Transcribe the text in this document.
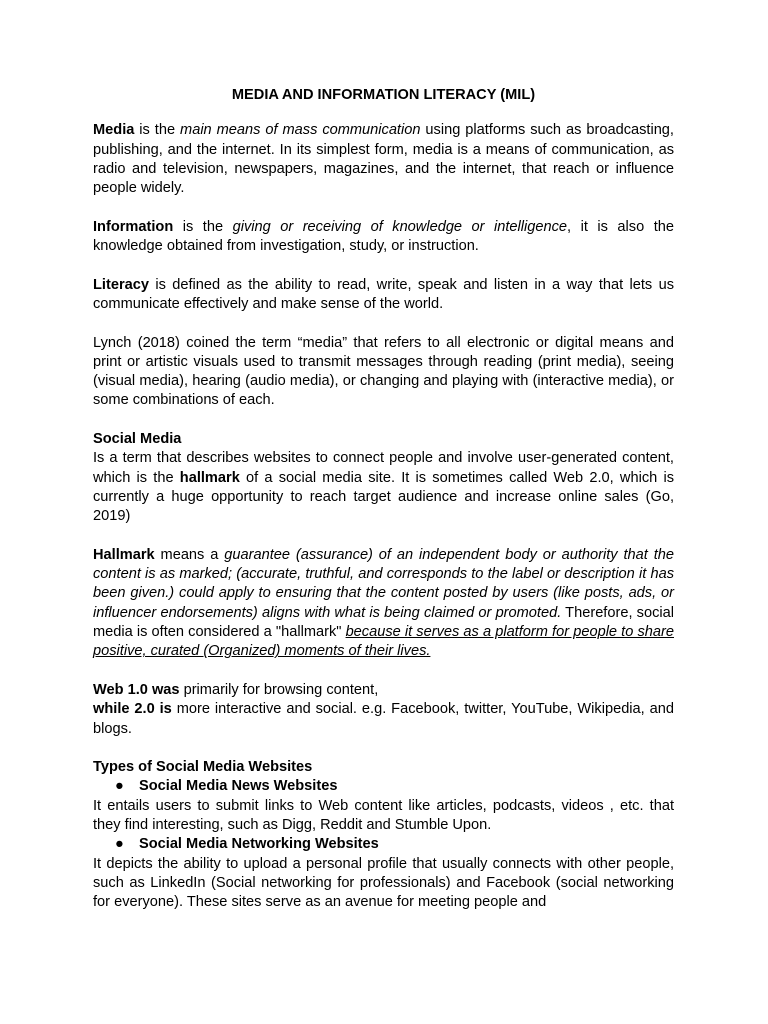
MEDIA AND INFORMATION LITERACY (MIL)

Media is the main means of mass communication using platforms such as broadcasting, publishing, and the internet. In its simplest form, media is a means of communication, as radio and television, newspapers, magazines, and the internet, that reach or influence people widely.

Information is the giving or receiving of knowledge or intelligence, it is also the knowledge obtained from investigation, study, or instruction.

Literacy is defined as the ability to read, write, speak and listen in a way that lets us communicate effectively and make sense of the world.

Lynch (2018) coined the term “media” that refers to all electronic or digital means and print or artistic visuals used to transmit messages through reading (print media), seeing (visual media), hearing (audio media), or changing and playing with (interactive media), or some combinations of each.

Social Media

Is a term that describes websites to connect people and involve user-generated content, which is the hallmark of a social media site. It is sometimes called Web 2.0, which is currently a huge opportunity to reach target audience and increase online sales (Go, 2019)

Hallmark means a guarantee (assurance) of an independent body or authority that the content is as marked; (accurate, truthful, and corresponds to the label or description it has been given.) could apply to ensuring that the content posted by users (like posts, ads, or influencer endorsements) aligns with what is being claimed or promoted. Therefore, social media is often considered a "hallmark" because it serves as a platform for people to share positive, curated (Organized) moments of their lives.

Web 1.0 was primarily for browsing content,

while 2.0 is more interactive and social. e.g. Facebook, twitter, YouTube, Wikipedia, and blogs.

Types of Social Media Websites
● Social Media News Websites

It entails users to submit links to Web content like articles, podcasts, videos , etc. that they find interesting, such as Digg, Reddit and Stumble Upon.

● Social Media Networking Websites

It depicts the ability to upload a personal profile that usually connects with other people, such as LinkedIn (Social networking for professionals) and Facebook (social networking for everyone). These sites serve as an avenue for meeting people and
